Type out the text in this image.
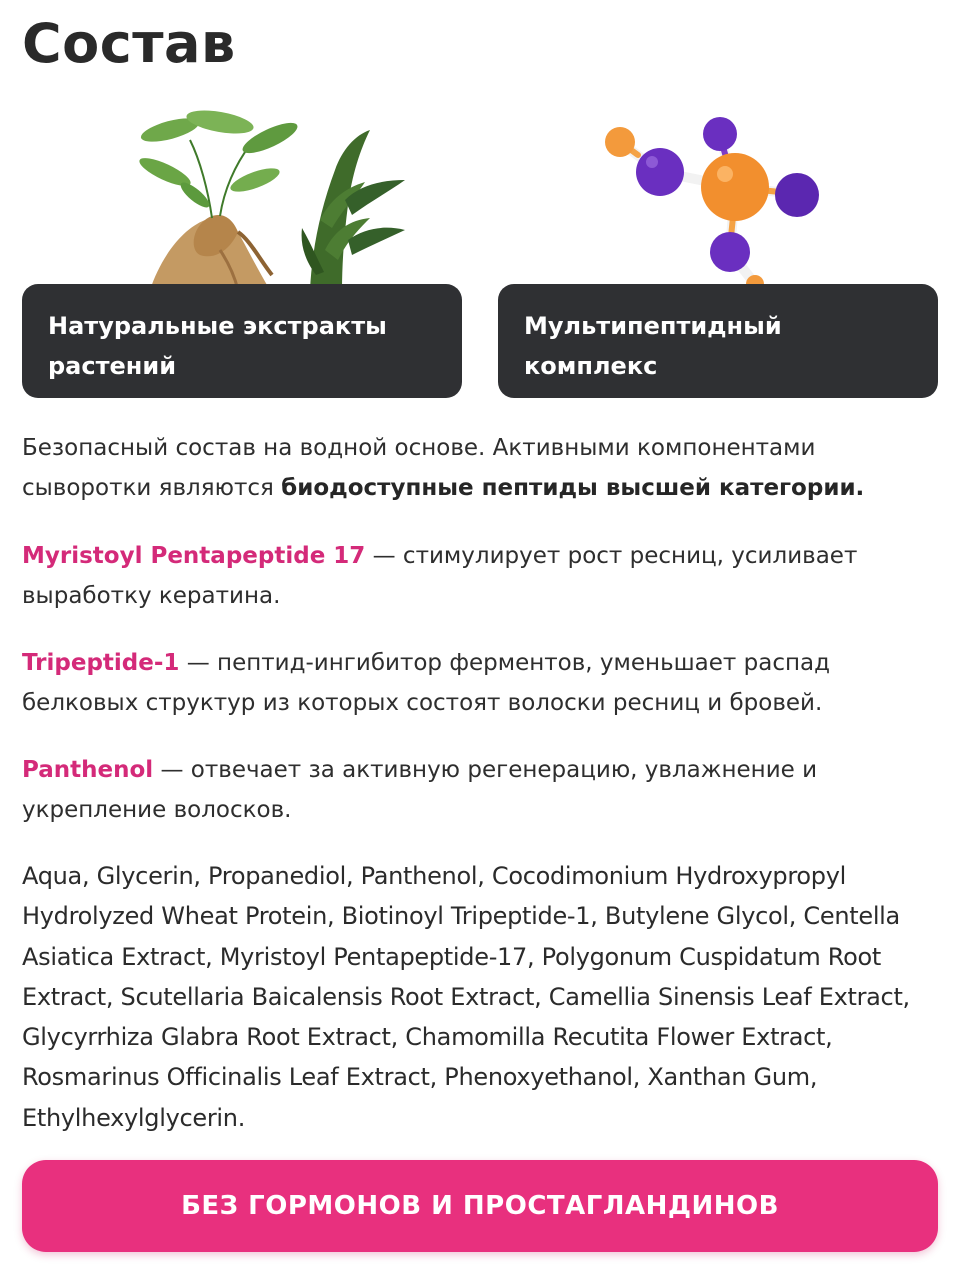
Состав
Натуральные экстракты растений
Мультипептидный комплекс

Безопасный состав на водной основе. Активными компонентами сыворотки являются биодоступные пептиды высшей категории.

Myristoyl Pentapeptide 17 — стимулирует рост ресниц, усиливает выработку кератина.

Tripeptide-1 — пептид-ингибитор ферментов, уменьшает распад белковых структур из которых состоят волоски ресниц и бровей.

Panthenol — отвечает за активную регенерацию, увлажнение и укрепление волосков.

Aqua, Glycerin, Propanediol, Panthenol, Cocodimonium Hydroxypropyl Hydrolyzed Wheat Protein, Biotinoyl Tripeptide-1, Butylene Glycol, Centella Asiatica Extract, Myristoyl Pentapeptide-17, Polygonum Cuspidatum Root Extract, Scutellaria Baicalensis Root Extract, Camellia Sinensis Leaf Extract, Glycyrrhiza Glabra Root Extract, Chamomilla Recutita Flower Extract, Rosmarinus Officinalis Leaf Extract, Phenoxyethanol, Xanthan Gum, Ethylhexylglycerin.

БЕЗ ГОРМОНОВ И ПРОСТАГЛАНДИНОВ
